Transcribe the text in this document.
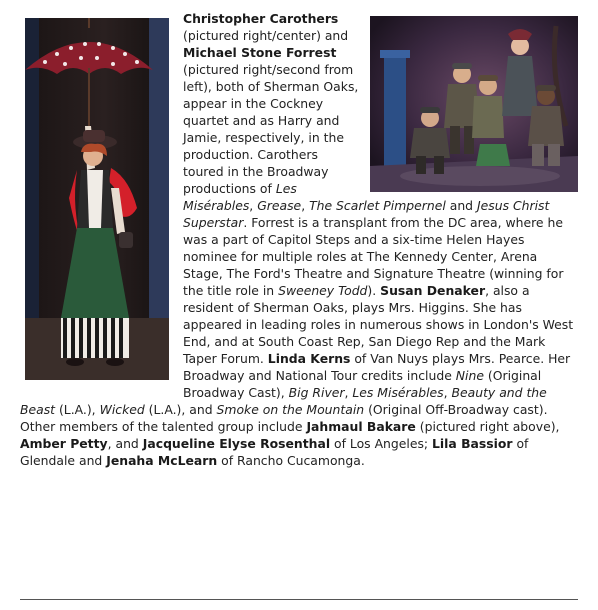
Christopher Carothers (pictured right/center) and Michael Stone Forrest (pictured right/second from left), both of Sherman Oaks, appear in the Cockney quartet and as Harry and Jamie, respectively, in the production. Carothers toured in the Broadway productions of Les Misérables, Grease, The Scarlet Pimpernel and Jesus Christ Superstar. Forrest is a transplant from the DC area, where he was a part of Capitol Steps and a six-time Helen Hayes nominee for multiple roles at The Kennedy Center, Arena Stage, The Ford's Theatre and Signature Theatre (winning for the title role in Sweeney Todd). Susan Denaker, also a resident of Sherman Oaks, plays Mrs. Higgins. She has appeared in leading roles in numerous shows in London's West End, and at South Coast Rep, San Diego Rep and the Mark Taper Forum. Linda Kerns of Van Nuys plays Mrs. Pearce. Her Broadway and National Tour credits include Nine (Original Broadway Cast), Big River, Les Misérables, Beauty and the Beast (L.A.), Wicked (L.A.), and Smoke on the Mountain (Original Off-Broadway cast). Other members of the talented group include Jahmaul Bakare (pictured right above), Amber Petty, and Jacqueline Elyse Rosenthal of Los Angeles; Lila Bassior of Glendale and Jenaha McLearn of Rancho Cucamonga.
